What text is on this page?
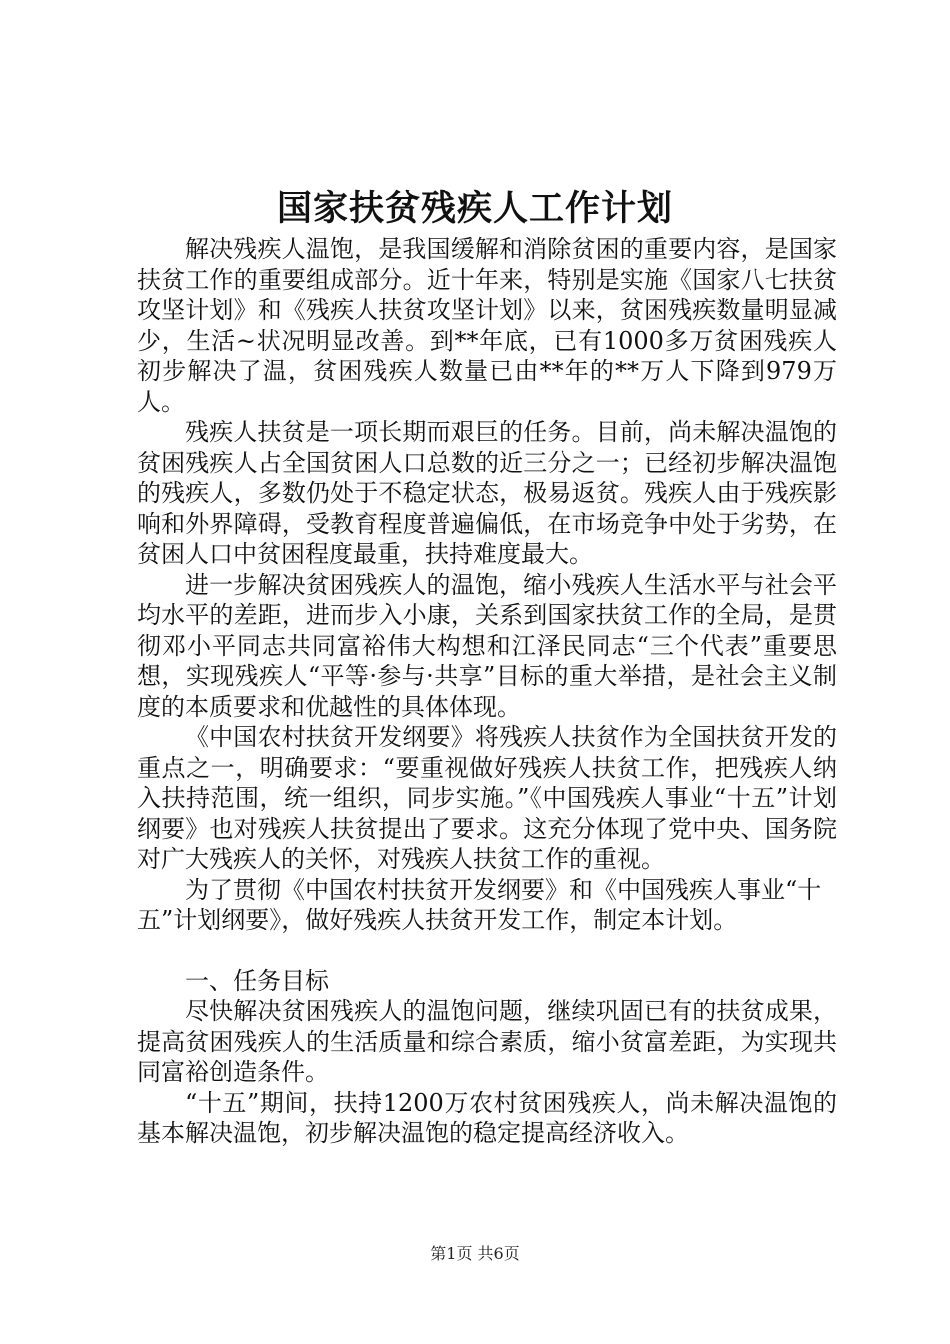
国家扶贫残疾人工作计划

解决残疾人温饱，是我国缓解和消除贫困的重要内容，是国家扶贫工作的重要组成部分。近十年来，特别是实施《国家八七扶贫攻坚计划》和《残疾人扶贫攻坚计划》以来，贫困残疾数量明显减少，生活~状况明显改善。到**年底，已有1000多万贫困残疾人初步解决了温，贫困残疾人数量已由**年的**万人下降到979万人。

残疾人扶贫是一项长期而艰巨的任务。目前，尚未解决温饱的贫困残疾人占全国贫困人口总数的近三分之一；已经初步解决温饱的残疾人，多数仍处于不稳定状态，极易返贫。残疾人由于残疾影响和外界障碍，受教育程度普遍偏低，在市场竞争中处于劣势，在贫困人口中贫困程度最重，扶持难度最大。

进一步解决贫困残疾人的温饱，缩小残疾人生活水平与社会平均水平的差距，进而步入小康，关系到国家扶贫工作的全局，是贯彻邓小平同志共同富裕伟大构想和江泽民同志“三个代表”重要思想，实现残疾人“平等·参与·共享”目标的重大举措，是社会主义制度的本质要求和优越性的具体体现。

《中国农村扶贫开发纲要》将残疾人扶贫作为全国扶贫开发的重点之一，明确要求：“要重视做好残疾人扶贫工作，把残疾人纳入扶持范围，统一组织，同步实施。”《中国残疾人事业“十五”计划纲要》也对残疾人扶贫提出了要求。这充分体现了党中央、国务院对广大残疾人的关怀，对残疾人扶贫工作的重视。

为了贯彻《中国农村扶贫开发纲要》和《中国残疾人事业“十五”计划纲要》，做好残疾人扶贫开发工作，制定本计划。

一、任务目标

尽快解决贫困残疾人的温饱问题，继续巩固已有的扶贫成果，提高贫困残疾人的生活质量和综合素质，缩小贫富差距，为实现共同富裕创造条件。

“十五”期间，扶持1200万农村贫困残疾人，尚未解决温饱的基本解决温饱，初步解决温饱的稳定提高经济收入。

第1页 共6页
